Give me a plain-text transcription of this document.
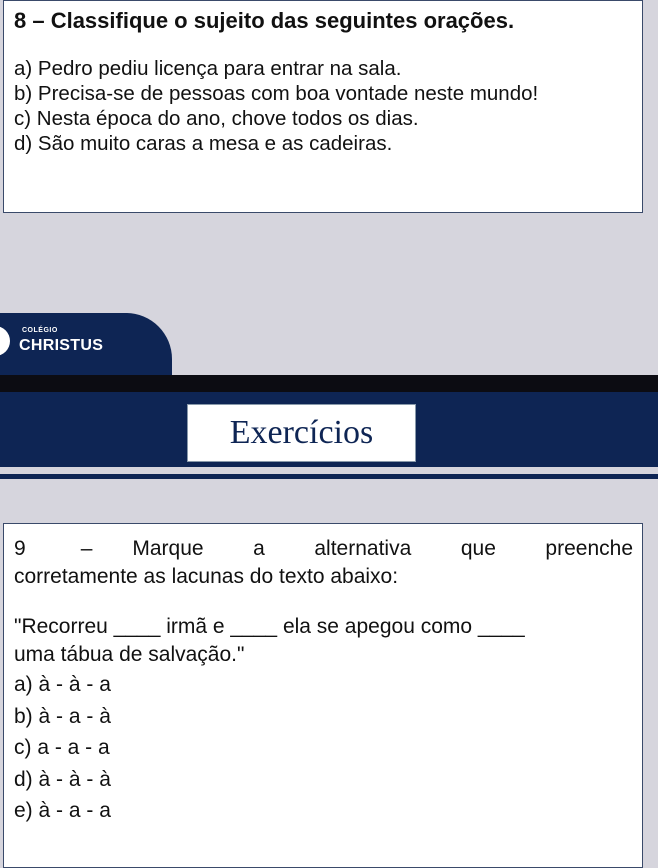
8 – Classifique o sujeito das seguintes orações.
a) Pedro pediu licença para entrar na sala.
b) Precisa-se de pessoas com boa vontade neste mundo!
c) Nesta época do ano, chove todos os dias.
d) São muito caras a mesa e as cadeiras.
COLÉGIO
CHRISTUS
Exercícios
9	– Marque a alternativa que preenche
corretamente as lacunas do texto abaixo:
"Recorreu ____ irmã e ____ ela se apegou como ____
uma tábua de salvação."
a) à - à - a
b) à - a - à
c) a - a - a
d) à - à - à
e) à - a - a
